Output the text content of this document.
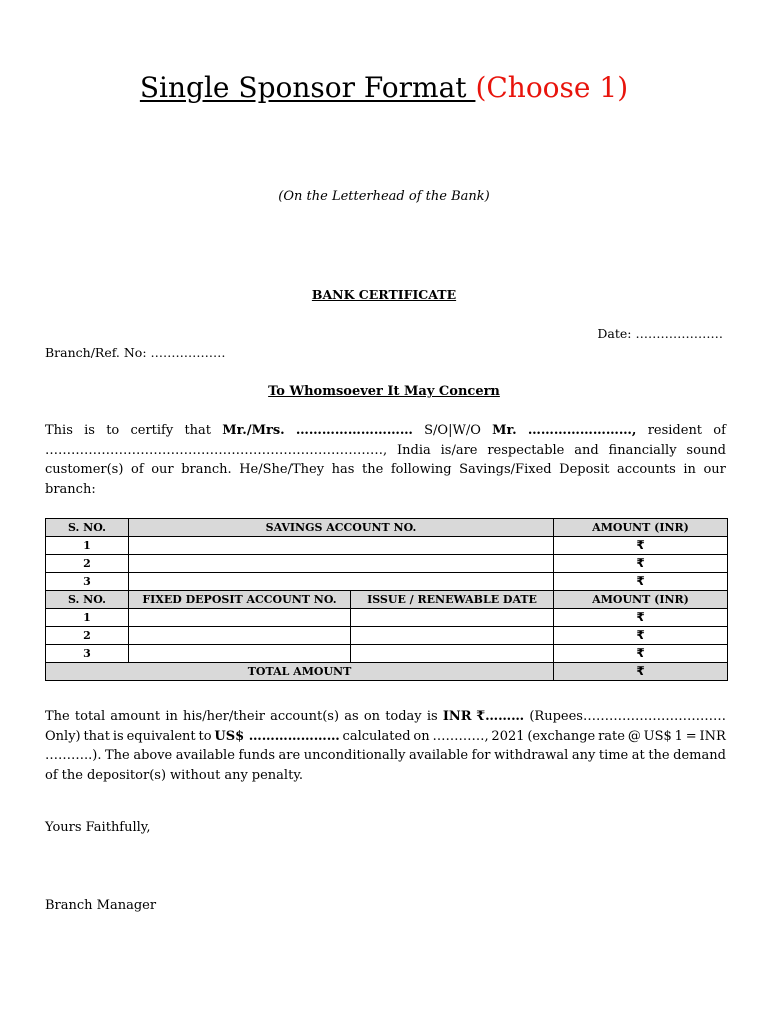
Single Sponsor Format (Choose 1)
(On the Letterhead of the Bank)
BANK CERTIFICATE
Date: …………………
Branch/Ref. No: ………………
To Whomsoever It May Concern
This is to certify that Mr./Mrs. ……………………… S/O|W/O Mr. ……………………, resident of
……………………………………………………………………, India is/are respectable and financially sound
customer(s) of our branch. He/She/They has the following Savings/Fixed Deposit accounts in our
branch:
S. NO.	SAVINGS ACCOUNT NO.		AMOUNT (INR)
1			₹
2			₹
3			₹
S. NO.	FIXED DEPOSIT ACCOUNT NO.	ISSUE / RENEWABLE DATE	AMOUNT (INR)
1			₹
2			₹
3			₹
TOTAL AMOUNT			₹
The total amount in his/her/their account(s) as on today is INR ₹……… (Rupees……………………………
Only) that is equivalent to US$ ………………… calculated on …………, 2021 (exchange rate @ US$ 1 = INR
………..). The above available funds are unconditionally available for withdrawal any time at the demand
of the depositor(s) without any penalty.
Yours Faithfully,
Branch Manager
